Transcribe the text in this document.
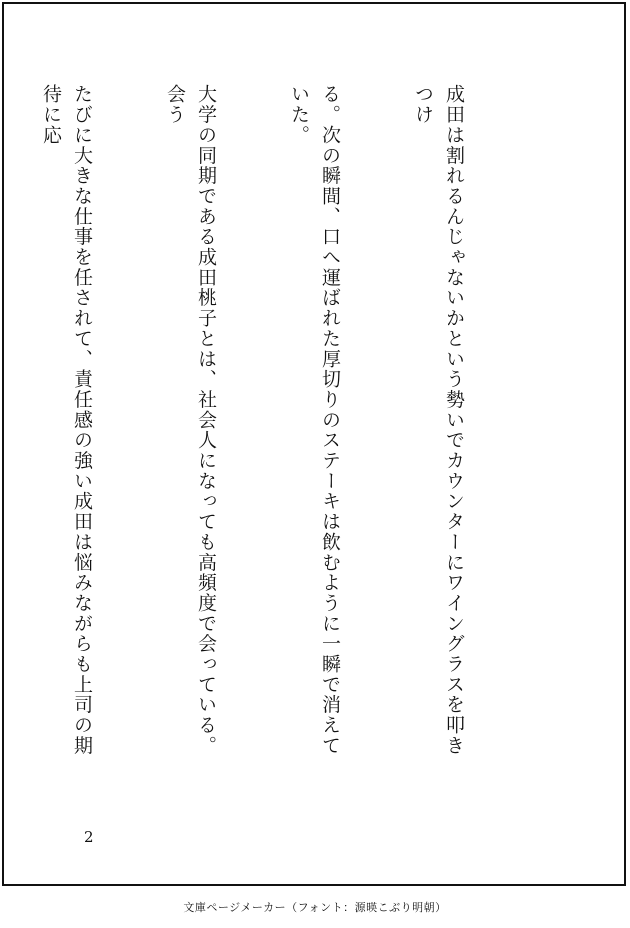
成田は割れるんじゃないかという勢いでカウンターにワイングラスを叩きつけ

る。次の瞬間、口へ運ばれた厚切りのステーキは飲むように一瞬で消えていた。

大学の同期である成田桃子とは、社会人になっても高頻度で会っている。会う

たびに大きな仕事を任されて、責任感の強い成田は悩みながらも上司の期待に応

2
文庫ページメーカー（フォント：源暎こぶり明朝）
